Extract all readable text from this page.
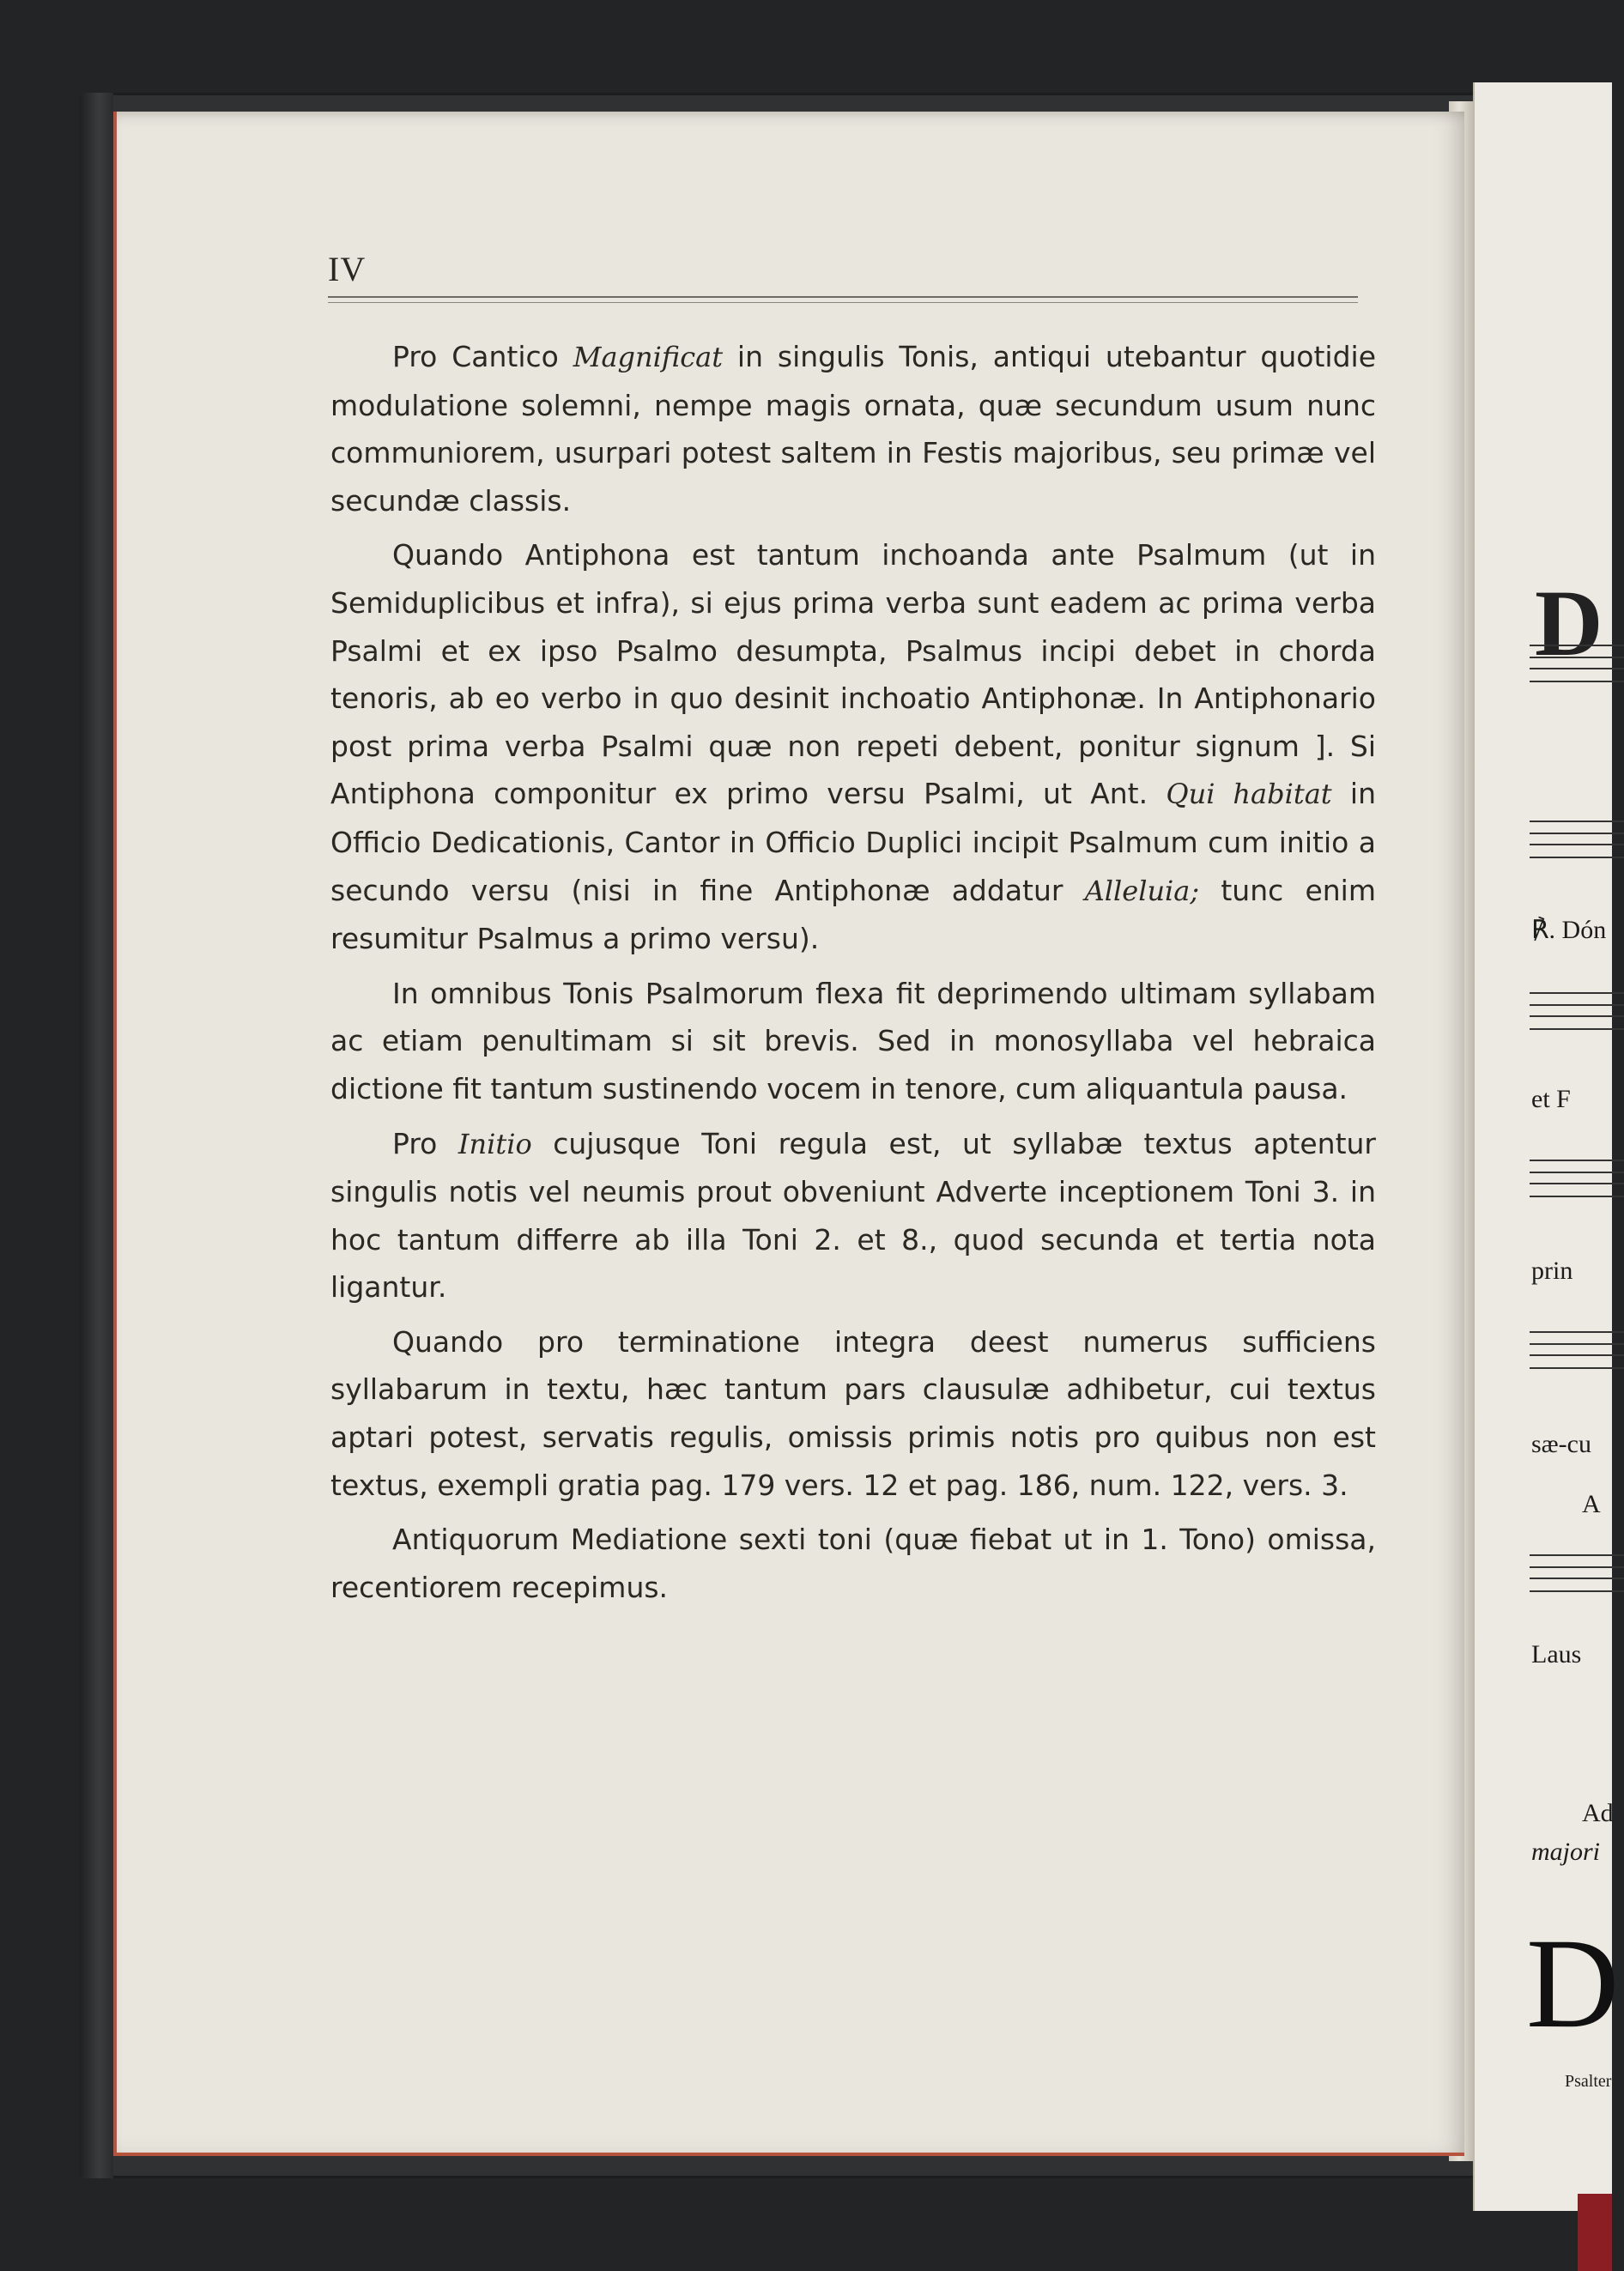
D
℟. Dón
et F
prin
sæ-cu
A
Laus
Ad
majori
D
Psalter
IV

Pro Cantico Magnificat in singulis Tonis, antiqui utebantur quotidie modulatione solemni, nempe magis ornata, quæ secundum usum nunc communiorem, usurpari potest saltem in Festis majoribus, seu primæ vel secundæ classis.

Quando Antiphona est tantum inchoanda ante Psalmum (ut in Semiduplicibus et infra), si ejus prima verba sunt eadem ac prima verba Psalmi et ex ipso Psalmo desumpta, Psalmus incipi debet in chorda tenoris, ab eo verbo in quo desinit inchoatio Antiphonæ. In Antiphonario post prima verba Psalmi quæ non repeti debent, ponitur signum ]. Si Antiphona componitur ex primo versu Psalmi, ut Ant. Qui habitat in Officio Dedicationis, Cantor in Officio Duplici incipit Psalmum cum initio a secundo versu (nisi in fine Antiphonæ addatur Alleluia; tunc enim resumitur Psalmus a primo versu).

In omnibus Tonis Psalmorum flexa fit deprimendo ultimam syllabam ac etiam penultimam si sit brevis. Sed in monosyllaba vel hebraica dictione fit tantum sustinendo vocem in tenore, cum aliquantula pausa.

Pro Initio cujusque Toni regula est, ut syllabæ textus aptentur singulis notis vel neumis prout obveniunt Adverte inceptionem Toni 3. in hoc tantum differre ab illa Toni 2. et 8., quod secunda et tertia nota ligantur.

Quando pro terminatione integra deest numerus sufficiens syllabarum in textu, hæc tantum pars clausulæ adhibetur, cui textus aptari potest, servatis regulis, omissis primis notis pro quibus non est textus, exempli gratia pag. 179 vers. 12 et pag. 186, num. 122, vers. 3.

Antiquorum Mediatione sexti toni (quæ fiebat ut in 1. Tono) omissa, recentiorem recepimus.
